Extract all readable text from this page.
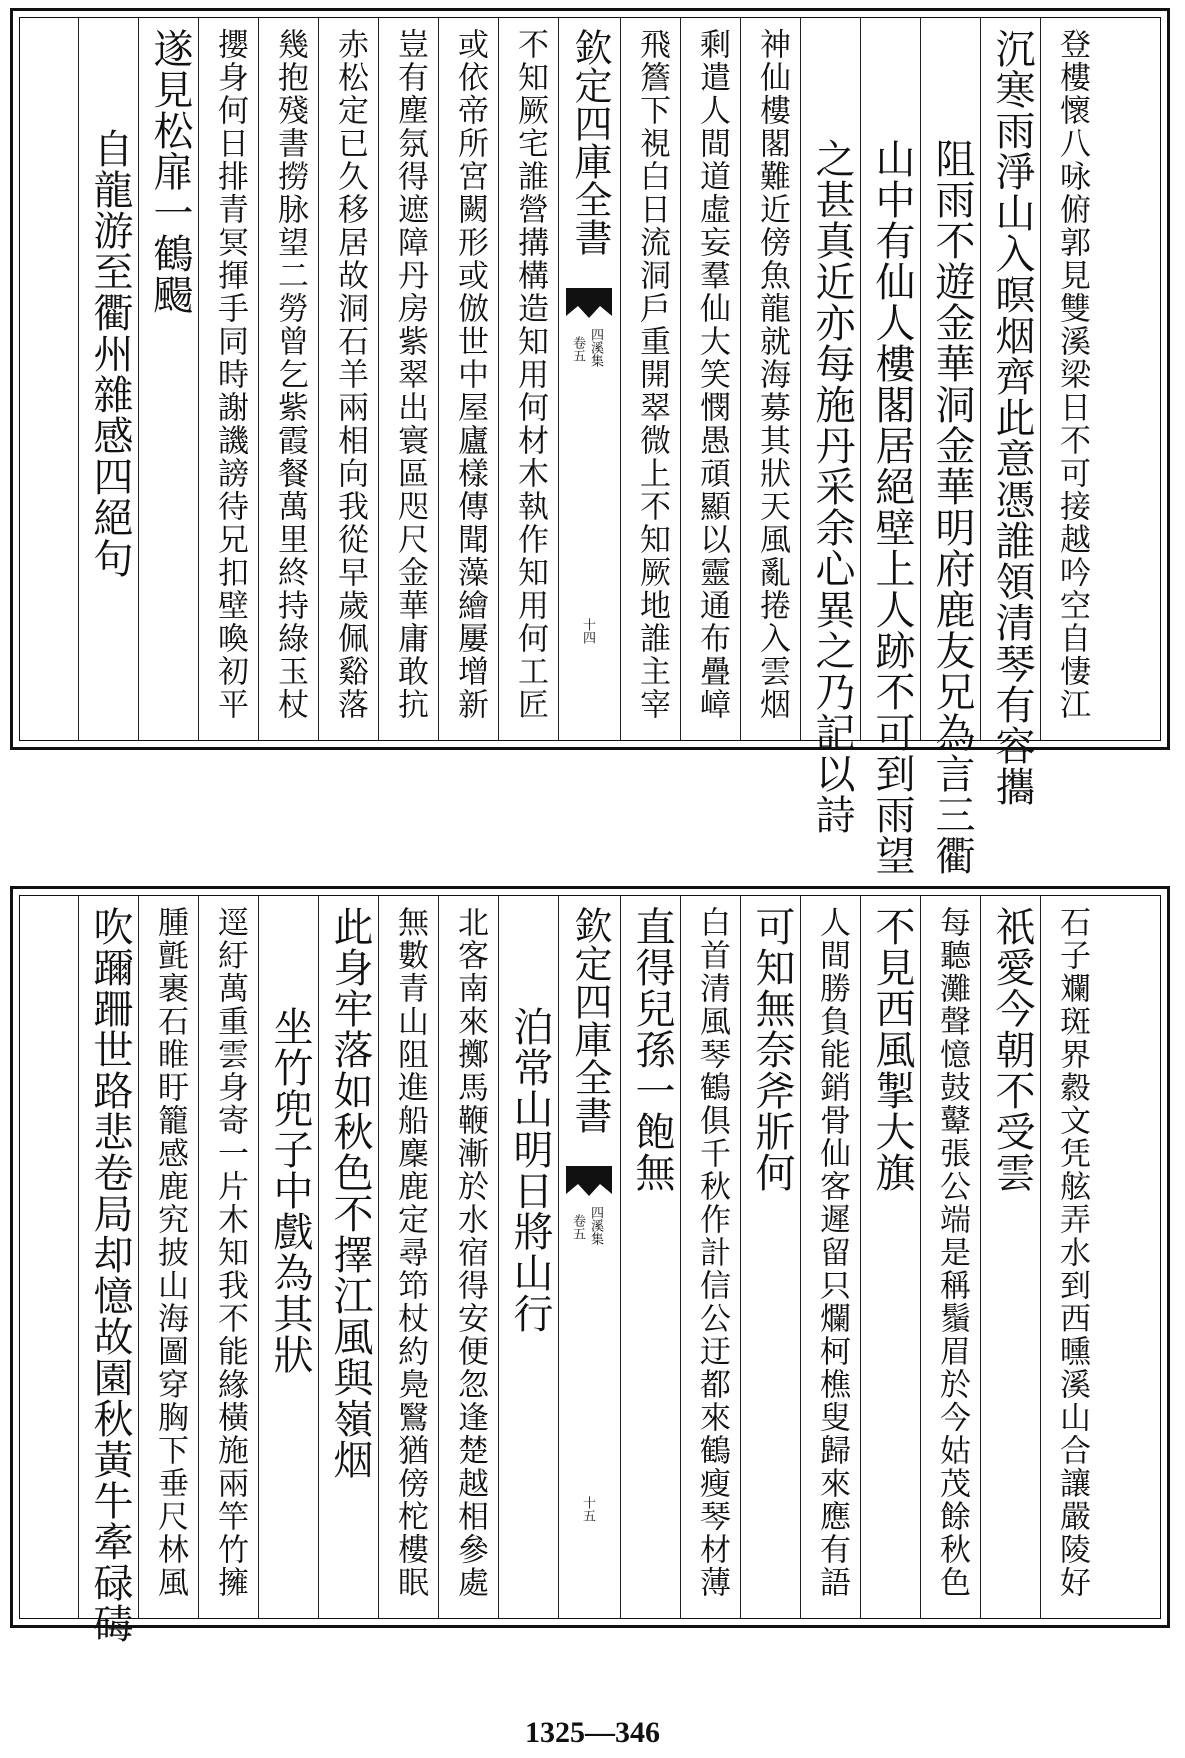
登樓懷八咏俯郭見雙溪梁日不可接越吟空自悽江
沉寒雨淨山入暝烟齊此意憑誰領清琴有容攜
阻雨不遊金華洞金華明府鹿友兄為言三衢
山中有仙人樓閣居絕壁上人跡不可到雨望
之甚真近亦每施丹采余心異之乃記以詩
神仙樓閣難近傍魚龍就海募其狀天風亂捲入雲烟
剩遣人間道虛妄羣仙大笑憫愚頑顯以靈通布疊嶂
飛簷下視白日流洞戶重開翠微上不知厥地誰主宰
欽定四庫全書
四溪集
卷五
十四
不知厥宅誰營搆構造知用何材木執作知用何工匠
或依帝所宮闕形或倣世中屋廬樣傳聞藻繪屢增新
豈有塵氛得遮障丹房紫翠出寰區咫尺金華庸敢抗
赤松定已久移居故洞石羊兩相向我從早歲佩谿落
幾抱殘書撈脉望二勞曾乞紫霞餐萬里終持綠玉杖
攖身何日排青冥揮手同時謝譏謗待兄扣壁喚初平
遂見松扉一鶴颺
自龍游至衢州雜感四絕句
石子斕斑界縠文凭舷弄水到西曛溪山合讓嚴陵好
祇愛今朝不受雲
每聽灘聲憶鼓鼙張公端是稱鬚眉於今姑茂餘秋色
不見西風掣大旗
人間勝負能銷骨仙客遲留只爛柯樵叟歸來應有語
可知無奈斧斨何
白首清風琴鶴俱千秋作計信公迂都來鶴瘦琴材薄
直得兒孫一飽無
欽定四庫全書
四溪集
卷五
十五
泊常山明日將山行
北客南來擲馬鞭漸於水宿得安便忽逢楚越相參處
無數青山阻進船麇鹿定尋笻杖約鳧鷖猶傍柁樓眠
此身牢落如秋色不擇江風與嶺烟
坐竹兜子中戲為其狀
逕紆萬重雲身寄一片木知我不能緣橫施兩竿竹擁
腫氈裹石睢盱籠感鹿究披山海圖穿胸下垂尺林風
吹躎跚世路悲卷局却憶故園秋黃牛牽碌碡
1325—346
